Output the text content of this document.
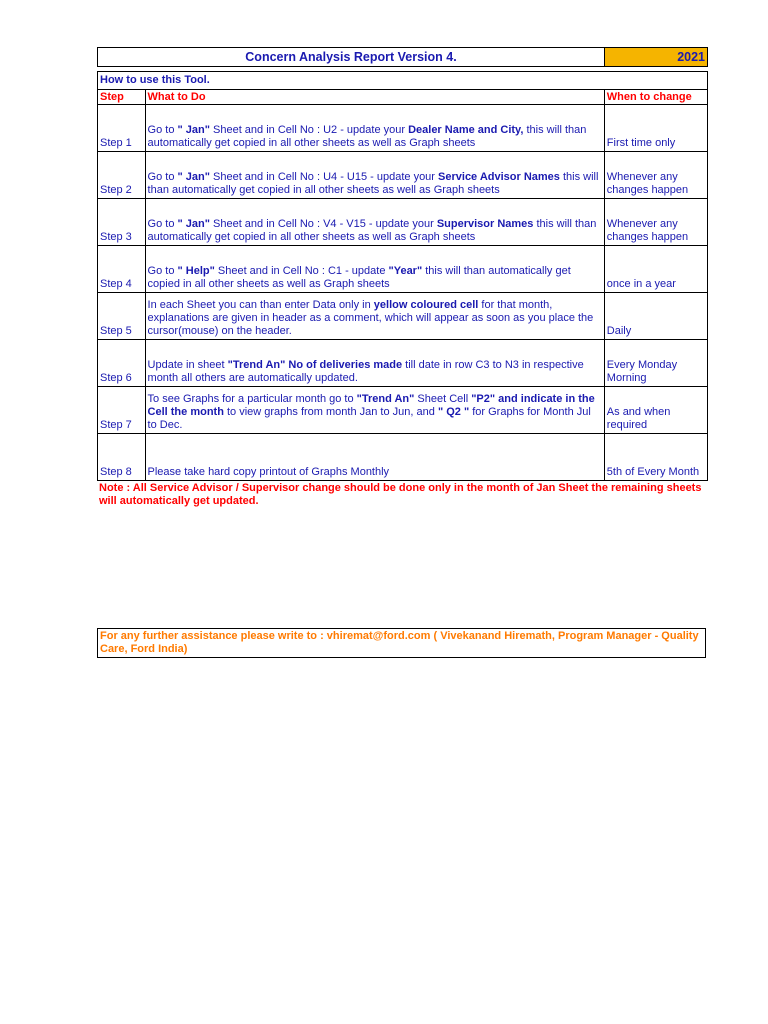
Concern Analysis Report Version 4.	2021
How to use this Tool.
Step	What to Do	When to change
Step 1	Go to " Jan" Sheet and in Cell No : U2 - update your Dealer Name and City, this will than automatically get copied in all other sheets as well as Graph sheets	First time only
Step 2	Go to " Jan" Sheet and in Cell No : U4 - U15 - update your Service Advisor Names this will than automatically get copied in all other sheets as well as Graph sheets	Whenever any changes happen
Step 3	Go to " Jan" Sheet and in Cell No : V4 - V15 - update your Supervisor Names this will than automatically get copied in all other sheets as well as Graph sheets	Whenever any changes happen
Step 4	Go to " Help" Sheet and in Cell No : C1 - update "Year" this will than automatically get copied in all other sheets as well as Graph sheets	once in a year
Step 5	In each Sheet you can than enter Data only in yellow coloured cell for that month, explanations are given in header as a comment, which will appear as soon as you place the cursor(mouse) on the header.	Daily
Step 6	Update in sheet "Trend An" No of deliveries made till date in row C3 to N3 in respective month all others are automatically updated.	Every Monday Morning
Step 7	To see Graphs for a particular month go to "Trend An" Sheet Cell "P2" and indicate in the Cell the month to view graphs from month Jan to Jun, and " Q2 " for Graphs for Month Jul to Dec.	As and when required
Step 8	Please take hard copy printout of Graphs Monthly	5th of Every Month
Note : All Service Advisor / Supervisor change should be done only in the month of Jan Sheet the remaining sheets will automatically get updated.
For any further assistance please write to : vhiremat@ford.com ( Vivekanand Hiremath, Program Manager - Quality Care, Ford India)
